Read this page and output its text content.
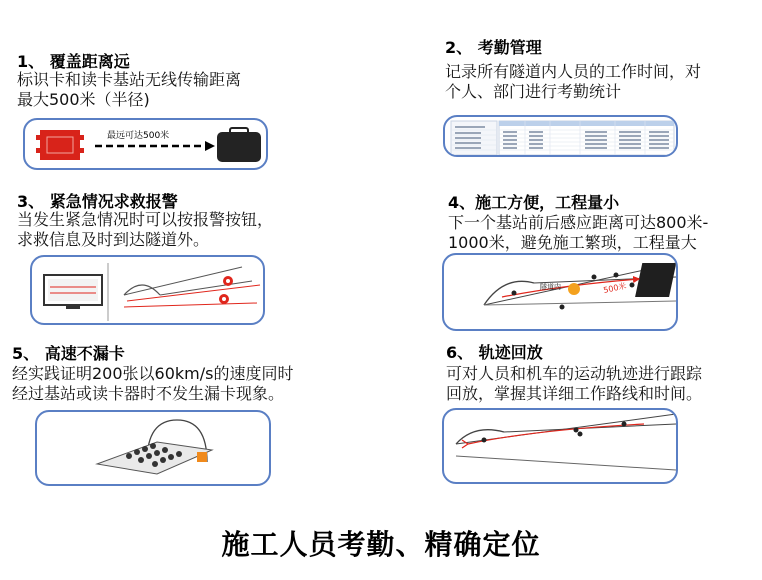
1、 覆盖距离远
标识卡和读卡基站无线传输距离
最大500米（半径)
最远可达500米
2、 考勤管理
记录所有隧道内人员的工作时间，对
个人、部门进行考勤统计
3、 紧急情况求救报警
当发生紧急情况时可以按报警按钮，
求救信息及时到达隧道外。
4、施工方便，工程量小
下一个基站前后感应距离可达800米-
1000米，避免施工繁琐，工程量大
隧道内	500米
5、 高速不漏卡
经实践证明200张以60km/s的速度同时
经过基站或读卡器时不发生漏卡现象。
6、 轨迹回放
可对人员和机车的运动轨迹进行跟踪
回放，掌握其详细工作路线和时间。
施工人员考勤、精确定位
